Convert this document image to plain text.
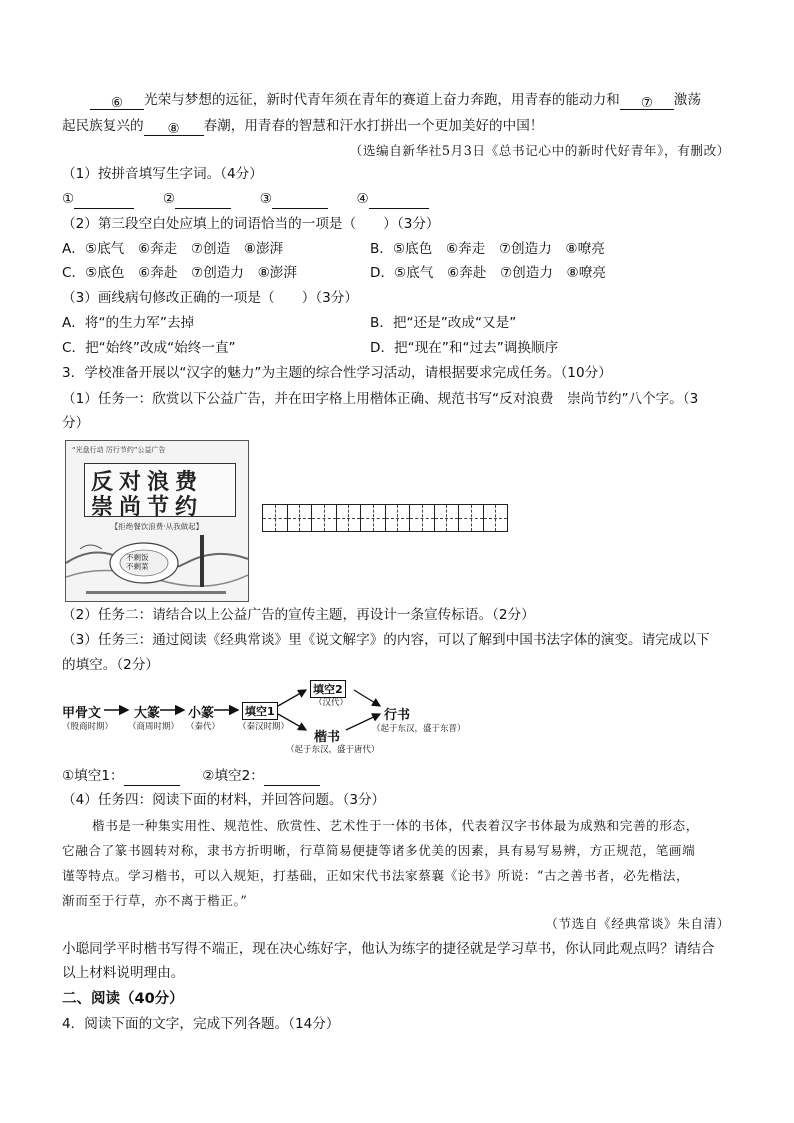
⑥ 光荣与梦想的远征，新时代青年须在青年的赛道上奋力奔跑，用青春的能动力和 ⑦ 激荡
起民族复兴的 ⑧ 春潮，用青春的智慧和汗水打拼出一个更加美好的中国！
（选编自新华社5月3日《总书记心中的新时代好青年》，有删改）
（1）按拼音填写生字词。（4分）
①	②	③	④
（2）第三段空白处应填上的词语恰当的一项是（　　）（3分）
A．⑤底气　⑥奔走　⑦创造　⑧澎湃	B．⑤底色　⑥奔走　⑦创造力　⑧嘹亮
C．⑤底色　⑥奔赴　⑦创造力　⑧澎湃	D．⑤底气　⑥奔赴　⑦创造力　⑧嘹亮
（3）画线病句修改正确的一项是（　　）（3分）
A．将“的生力军”去掉	B．把“还是”改成“又是”
C．把“始终”改成“始终一直”	D．把“现在”和“过去”调换顺序
3．学校准备开展以“汉字的魅力”为主题的综合性学习活动，请根据要求完成任务。（10分）
（1）任务一：欣赏以下公益广告，并在田字格上用楷体正确、规范书写“反对浪费　崇尚节约”八个字。（3
分）
“光盘行动 厉行节约”公益广告
反对浪费
崇尚节约
【拒绝餐饮浪费·从我做起】
不剩饭
不剩菜
（2）任务二：请结合以上公益广告的宣传主题，再设计一条宣传标语。（2分）
（3）任务三：通过阅读《经典常谈》里《说文解字》的内容，可以了解到中国书法字体的演变。请完成以下
的填空。（2分）
甲骨文
（殷商时期）
大篆
（商周时期）
小篆
（秦代）
填空1
（秦汉时期）
填空2
（汉代）
楷书
（起于东汉，盛于唐代）
行书
（起于东汉，盛于东晋）
①填空1：	②填空2：
（4）任务四：阅读下面的材料，并回答问题。（3分）
楷书是一种集实用性、规范性、欣赏性、艺术性于一体的书体，代表着汉字书体最为成熟和完善的形态，
它融合了篆书圆转对称，隶书方折明晰，行草简易便捷等诸多优美的因素，具有易写易辨，方正规范，笔画端
谨等特点。学习楷书，可以入规矩，打基础，正如宋代书法家蔡襄《论书》所说：“古之善书者，必先楷法，
渐而至于行草，亦不离于楷正。”
（节选自《经典常谈》朱自清）
小聪同学平时楷书写得不端正，现在决心练好字，他认为练字的捷径就是学习草书，你认同此观点吗？请结合
以上材料说明理由。
二、阅读（40分）
4．阅读下面的文字，完成下列各题。（14分）
